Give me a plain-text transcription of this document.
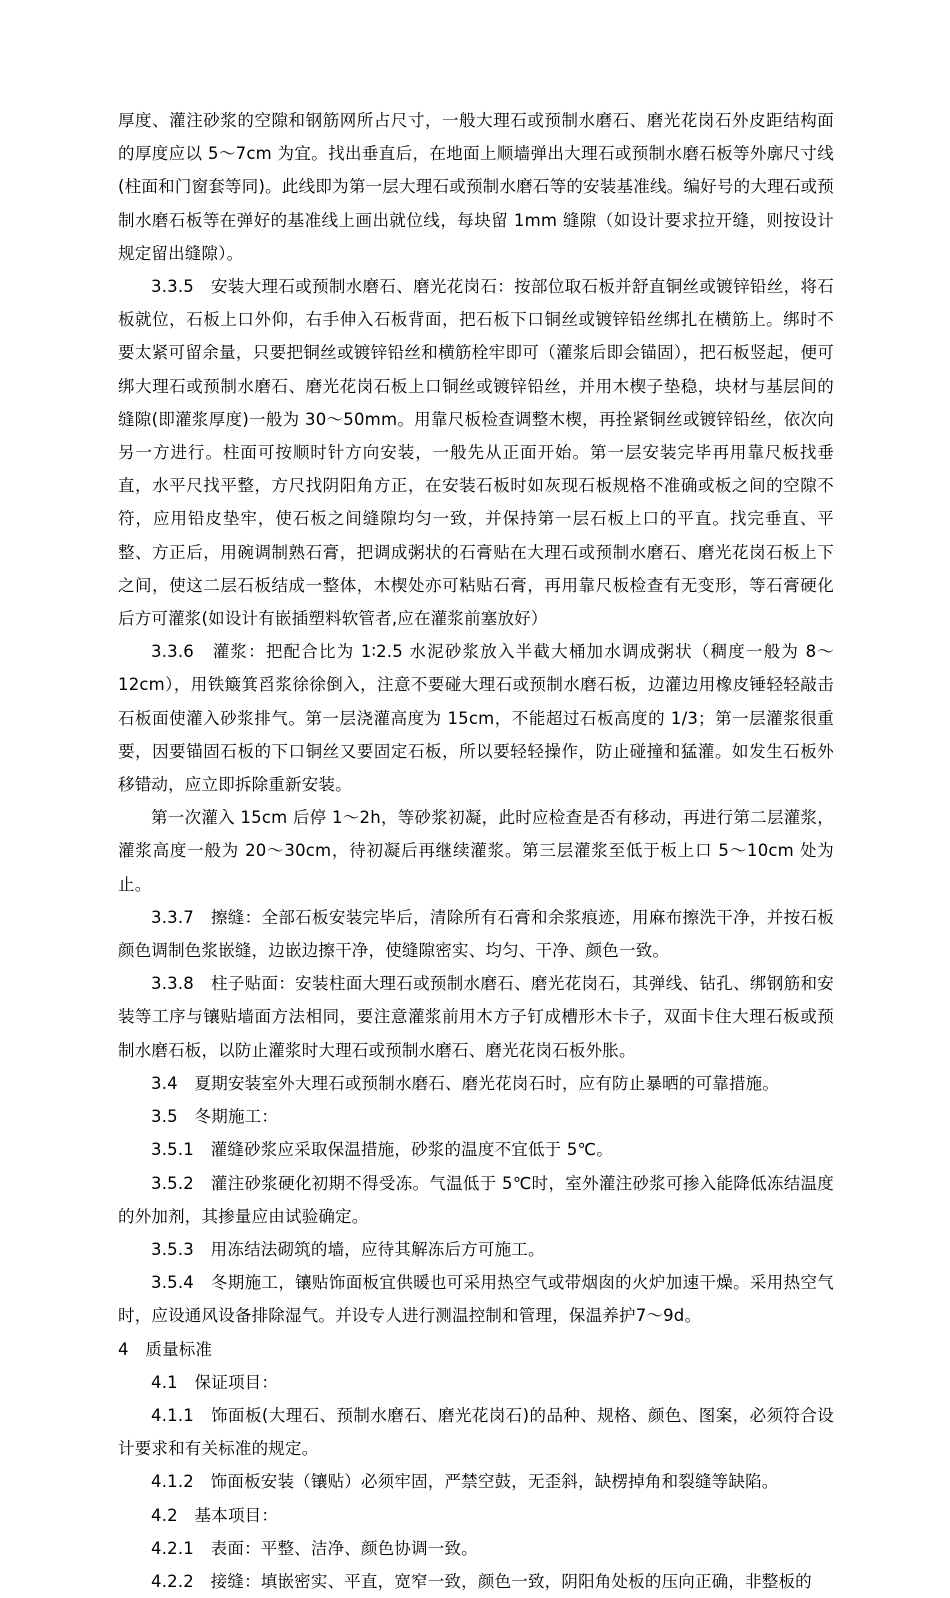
厚度、灌注砂浆的空隙和钢筋网所占尺寸，一般大理石或预制水磨石、磨光花岗石外皮距结构面的厚度应以 5～7cm 为宜。找出垂直后，在地面上顺墙弹出大理石或预制水磨石板等外廓尺寸线(柱面和门窗套等同)。此线即为第一层大理石或预制水磨石等的安装基准线。编好号的大理石或预制水磨石板等在弹好的基准线上画出就位线，每块留 1mm 缝隙（如设计要求拉开缝，则按设计规定留出缝隙）。

3.3.5　安装大理石或预制水磨石、磨光花岗石：按部位取石板并舒直铜丝或镀锌铅丝，将石板就位，石板上口外仰，右手伸入石板背面，把石板下口铜丝或镀锌铅丝绑扎在横筋上。绑时不要太紧可留余量，只要把铜丝或镀锌铅丝和横筋栓牢即可（灌浆后即会锚固），把石板竖起，便可绑大理石或预制水磨石、磨光花岗石板上口铜丝或镀锌铅丝，并用木楔子垫稳，块材与基层间的缝隙(即灌浆厚度)一般为 30～50mm。用靠尺板检查调整木楔，再拴紧铜丝或镀锌铅丝，依次向另一方进行。柱面可按顺时针方向安装，一般先从正面开始。第一层安装完毕再用靠尺板找垂直，水平尺找平整，方尺找阴阳角方正，在安装石板时如灰现石板规格不准确或板之间的空隙不符，应用铅皮垫牢，使石板之间缝隙均匀一致，并保持第一层石板上口的平直。找完垂直、平整、方正后，用碗调制熟石膏，把调成粥状的石膏贴在大理石或预制水磨石、磨光花岗石板上下之间，使这二层石板结成一整体，木楔处亦可粘贴石膏，再用靠尺板检查有无变形，等石膏硬化后方可灌浆(如设计有嵌插塑料软管者,应在灌浆前塞放好）

3.3.6　灌浆：把配合比为 1∶2.5 水泥砂浆放入半截大桶加水调成粥状（稠度一般为 8～12cm），用铁簸箕舀浆徐徐倒入，注意不要碰大理石或预制水磨石板，边灌边用橡皮锤轻轻敲击石板面使灌入砂浆排气。第一层浇灌高度为 15cm，不能超过石板高度的 1/3；第一层灌浆很重要，因要锚固石板的下口铜丝又要固定石板，所以要轻轻操作，防止碰撞和猛灌。如发生石板外移错动，应立即拆除重新安装。

第一次灌入 15cm 后停 1～2h，等砂浆初凝，此时应检查是否有移动，再进行第二层灌浆，灌浆高度一般为 20～30cm，待初凝后再继续灌浆。第三层灌浆至低于板上口 5～10cm 处为止。

3.3.7　擦缝：全部石板安装完毕后，清除所有石膏和余浆痕迹，用麻布擦洗干净，并按石板颜色调制色浆嵌缝，边嵌边擦干净，使缝隙密实、均匀、干净、颜色一致。

3.3.8　柱子贴面：安装柱面大理石或预制水磨石、磨光花岗石，其弹线、钻孔、绑钢筋和安装等工序与镶贴墙面方法相同，要注意灌浆前用木方子钉成槽形木卡子，双面卡住大理石板或预制水磨石板，以防止灌浆时大理石或预制水磨石、磨光花岗石板外胀。

3.4　夏期安装室外大理石或预制水磨石、磨光花岗石时，应有防止暴晒的可靠措施。

3.5　冬期施工：

3.5.1　灌缝砂浆应采取保温措施，砂浆的温度不宜低于 5℃。

3.5.2　灌注砂浆硬化初期不得受冻。气温低于 5℃时，室外灌注砂浆可掺入能降低冻结温度的外加剂，其掺量应由试验确定。

3.5.3　用冻结法砌筑的墙，应待其解冻后方可施工。

3.5.4　冬期施工，镶贴饰面板宜供暖也可采用热空气或带烟囱的火炉加速干燥。采用热空气时，应设通风设备排除湿气。并设专人进行测温控制和管理，保温养护7～9d。

4　质量标准

4.1　保证项目：

4.1.1　饰面板(大理石、预制水磨石、磨光花岗石)的品种、规格、颜色、图案，必须符合设计要求和有关标准的规定。

4.1.2　饰面板安装（镶贴）必须牢固，严禁空鼓，无歪斜，缺楞掉角和裂缝等缺陷。

4.2　基本项目：

4.2.1　表面：平整、洁净、颜色协调一致。

4.2.2　接缝：填嵌密实、平直，宽窄一致，颜色一致，阴阳角处板的压向正确，非整板的
